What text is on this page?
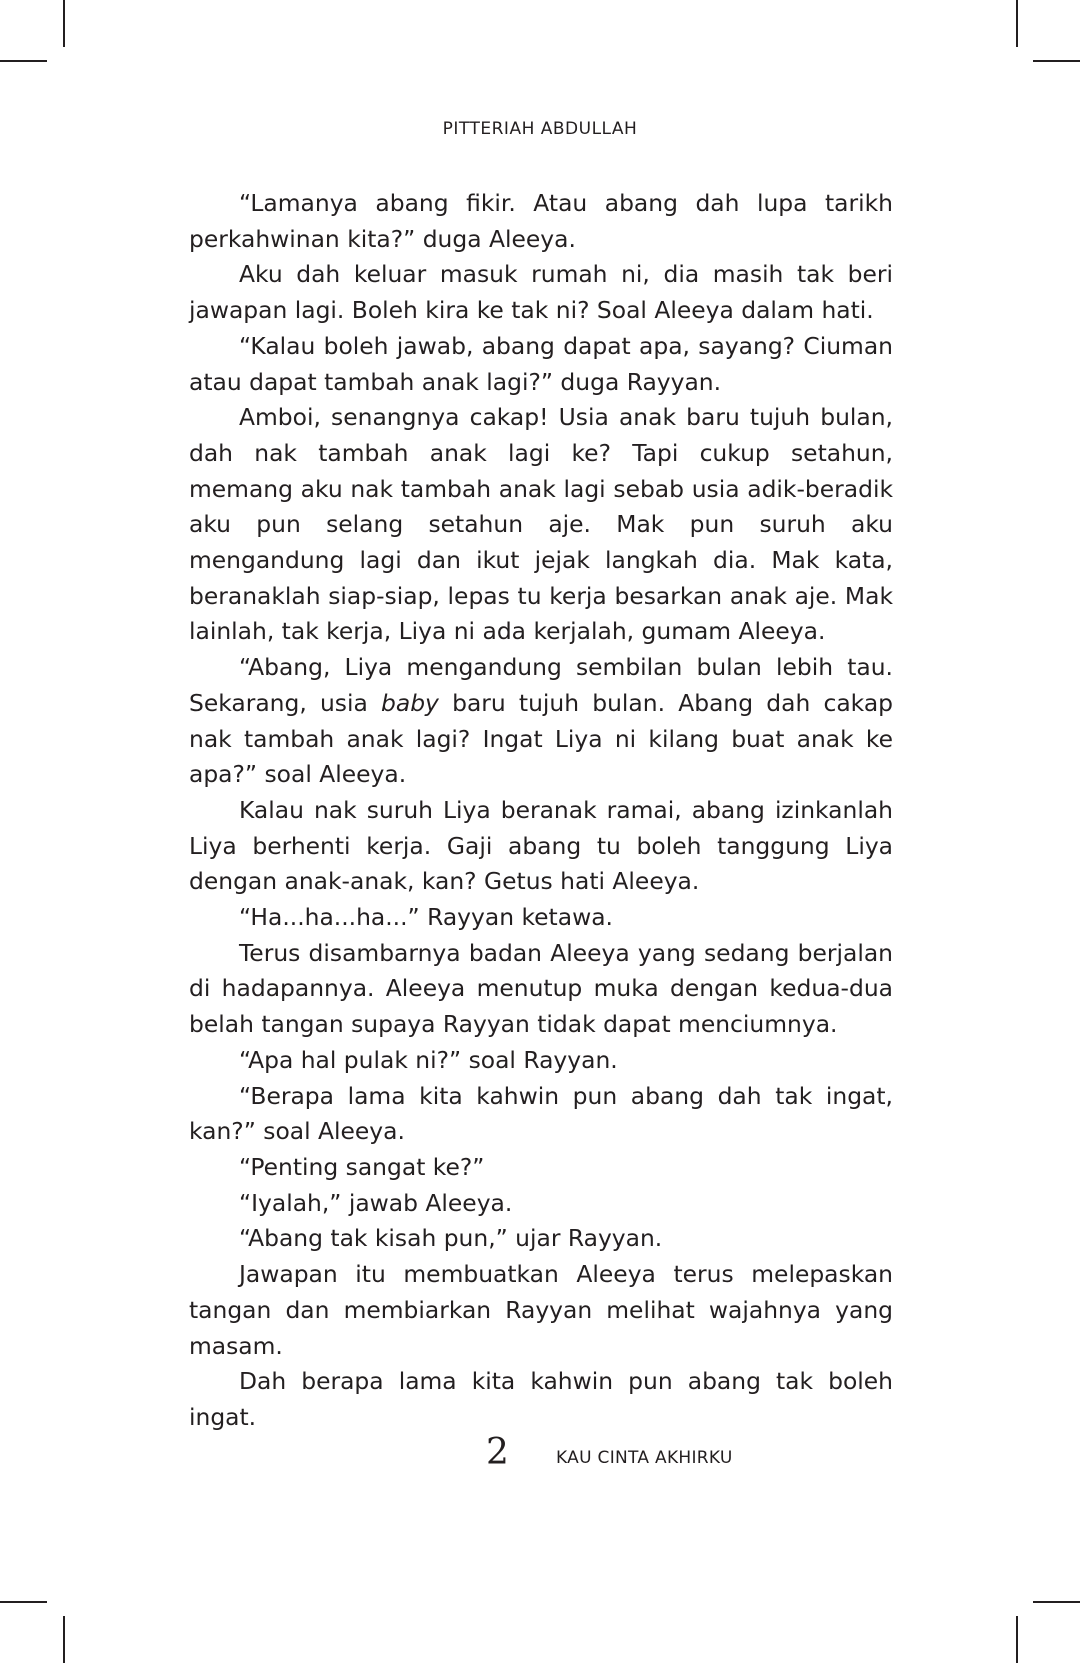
PITTERIAH ABDULLAH

“Lamanya abang fikir. Atau abang dah lupa tarikh perkahwinan kita?” duga Aleeya.

Aku dah keluar masuk rumah ni, dia masih tak beri jawapan lagi. Boleh kira ke tak ni? Soal Aleeya dalam hati.

“Kalau boleh jawab, abang dapat apa, sayang? Ciuman atau dapat tambah anak lagi?” duga Rayyan.

Amboi, senangnya cakap! Usia anak baru tujuh bulan, dah nak tambah anak lagi ke? Tapi cukup setahun, memang aku nak tambah anak lagi sebab usia adik-beradik aku pun selang setahun aje. Mak pun suruh aku mengandung lagi dan ikut jejak langkah dia. Mak kata, beranaklah siap-siap, lepas tu kerja besarkan anak aje. Mak lainlah, tak kerja, Liya ni ada kerjalah, gumam Aleeya.

“Abang, Liya mengandung sembilan bulan lebih tau. Sekarang, usia baby baru tujuh bulan. Abang dah cakap nak tambah anak lagi? Ingat Liya ni kilang buat anak ke apa?” soal Aleeya.

Kalau nak suruh Liya beranak ramai, abang izinkanlah Liya berhenti kerja. Gaji abang tu boleh tanggung Liya dengan anak-anak, kan? Getus hati Aleeya.

“Ha...ha...ha...” Rayyan ketawa.

Terus disambarnya badan Aleeya yang sedang berjalan di hadapannya. Aleeya menutup muka dengan kedua-dua belah tangan supaya Rayyan tidak dapat menciumnya.

“Apa hal pulak ni?” soal Rayyan.

“Berapa lama kita kahwin pun abang dah tak ingat, kan?” soal Aleeya.

“Penting sangat ke?”

“Iyalah,” jawab Aleeya.

“Abang tak kisah pun,” ujar Rayyan.

Jawapan itu membuatkan Aleeya terus melepaskan tangan dan membiarkan Rayyan melihat wajahnya yang masam.

Dah berapa lama kita kahwin pun abang tak boleh ingat.

2	KAU CINTA AKHIRKU
